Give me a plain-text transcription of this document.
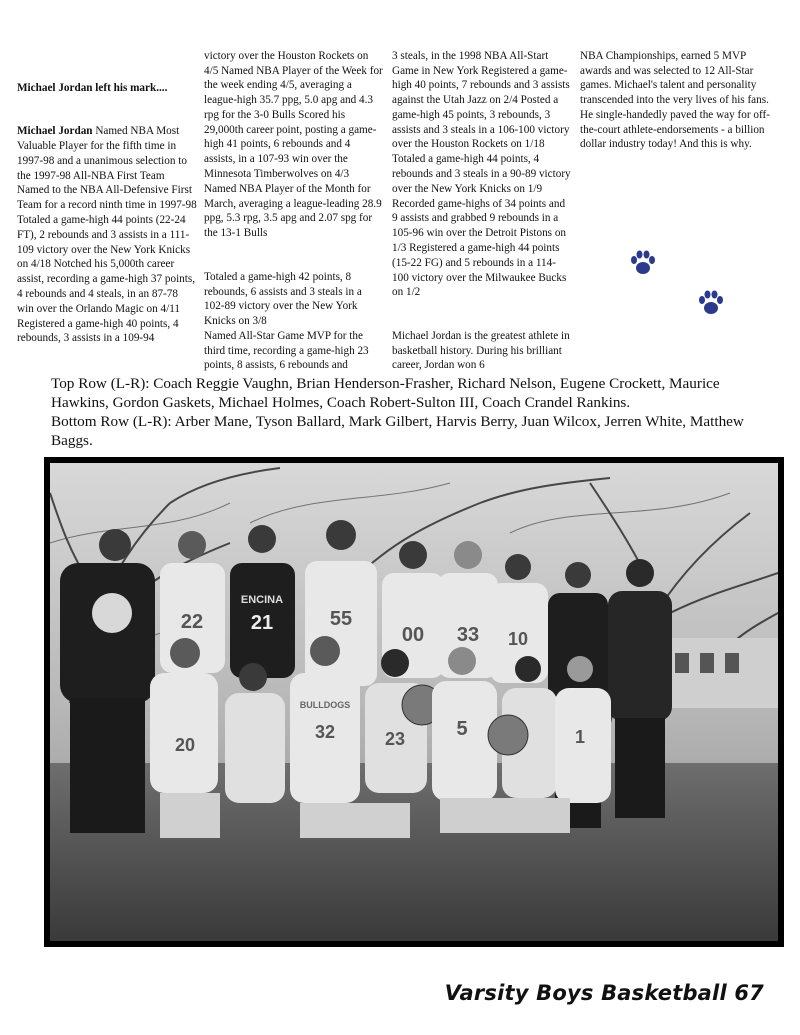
Michael Jordan left his mark....

Michael Jordan Named NBA Most Valuable Player for the fifth time in 1997-98 and a unanimous selection to the 1997-98 All-NBA First Team Named to the NBA All-Defensive First Team for a record ninth time in 1997-98 Totaled a game-high 44 points (22-24 FT), 2 rebounds and 3 assists in a 111-109 victory over the New York Knicks on 4/18 Notched his 5,000th career assist, recording a game-high 37 points, 4 rebounds and 4 steals, in an 87-78 win over the Orlando Magic on 4/11 Registered a game-high 40 points, 4 rebounds, 3 assists in a 109-94

victory over the Houston Rockets on 4/5 Named NBA Player of the Week for the week ending 4/5, averaging a league-high 35.7 ppg, 5.0 apg and 4.3 rpg for the 3-0 Bulls Scored his 29,000th career point, posting a game-high 41 points, 6 rebounds and 4 assists, in a 107-93 win over the Minnesota Timberwolves on 4/3 Named NBA Player of the Month for March, averaging a league-leading 28.9 ppg, 5.3 rpg, 3.5 apg and 2.07 spg for the 13-1 Bulls

Totaled a game-high 42 points, 8 rebounds, 6 assists and 3 steals in a 102-89 victory over the New York Knicks on 3/8
Named All-Star Game MVP for the third time, recording a game-high 23 points, 8 assists, 6 rebounds and

3 steals, in the 1998 NBA All-Start Game in New York Registered a game-high 40 points, 7 rebounds and 3 assists against the Utah Jazz on 2/4 Posted a game-high 45 points, 3 rebounds, 3 assists and 3 steals in a 106-100 victory over the Houston Rockets on 1/18 Totaled a game-high 44 points, 4 rebounds and 3 steals in a 90-89 victory over the New York Knicks on 1/9 Recorded game-highs of 34 points and 9 assists and grabbed 9 rebounds in a 105-96 win over the Detroit Pistons on 1/3 Registered a game-high 44 points (15-22 FG) and 5 rebounds in a 114-100 victory over the Milwaukee Bucks on 1/2

Michael Jordan is the greatest athlete in basketball history. During his brilliant career, Jordan won 6

NBA Championships, earned 5 MVP awards and was selected to 12 All-Star games. Michael's talent and personality transcended into the very lives of his fans. He single-handedly paved the way for off-the-court athlete-endorsements - a billion dollar industry today! And this is why.

Top Row (L-R): Coach Reggie Vaughn, Brian Henderson-Frasher, Richard Nelson, Eugene Crockett, Maurice Hawkins, Gordon Gaskets, Michael Holmes, Coach Robert-Sulton III, Coach Crandel Rankins.

Bottom Row (L-R): Arber Mane, Tyson Ballard, Mark Gilbert, Harvis Berry, Juan Wilcox, Jerren White, Matthew Baggs.

22
ENCINA
21	55
00 33 10
20
32
BULLDOGS
23	5	1
Varsity Boys Basketball 67
